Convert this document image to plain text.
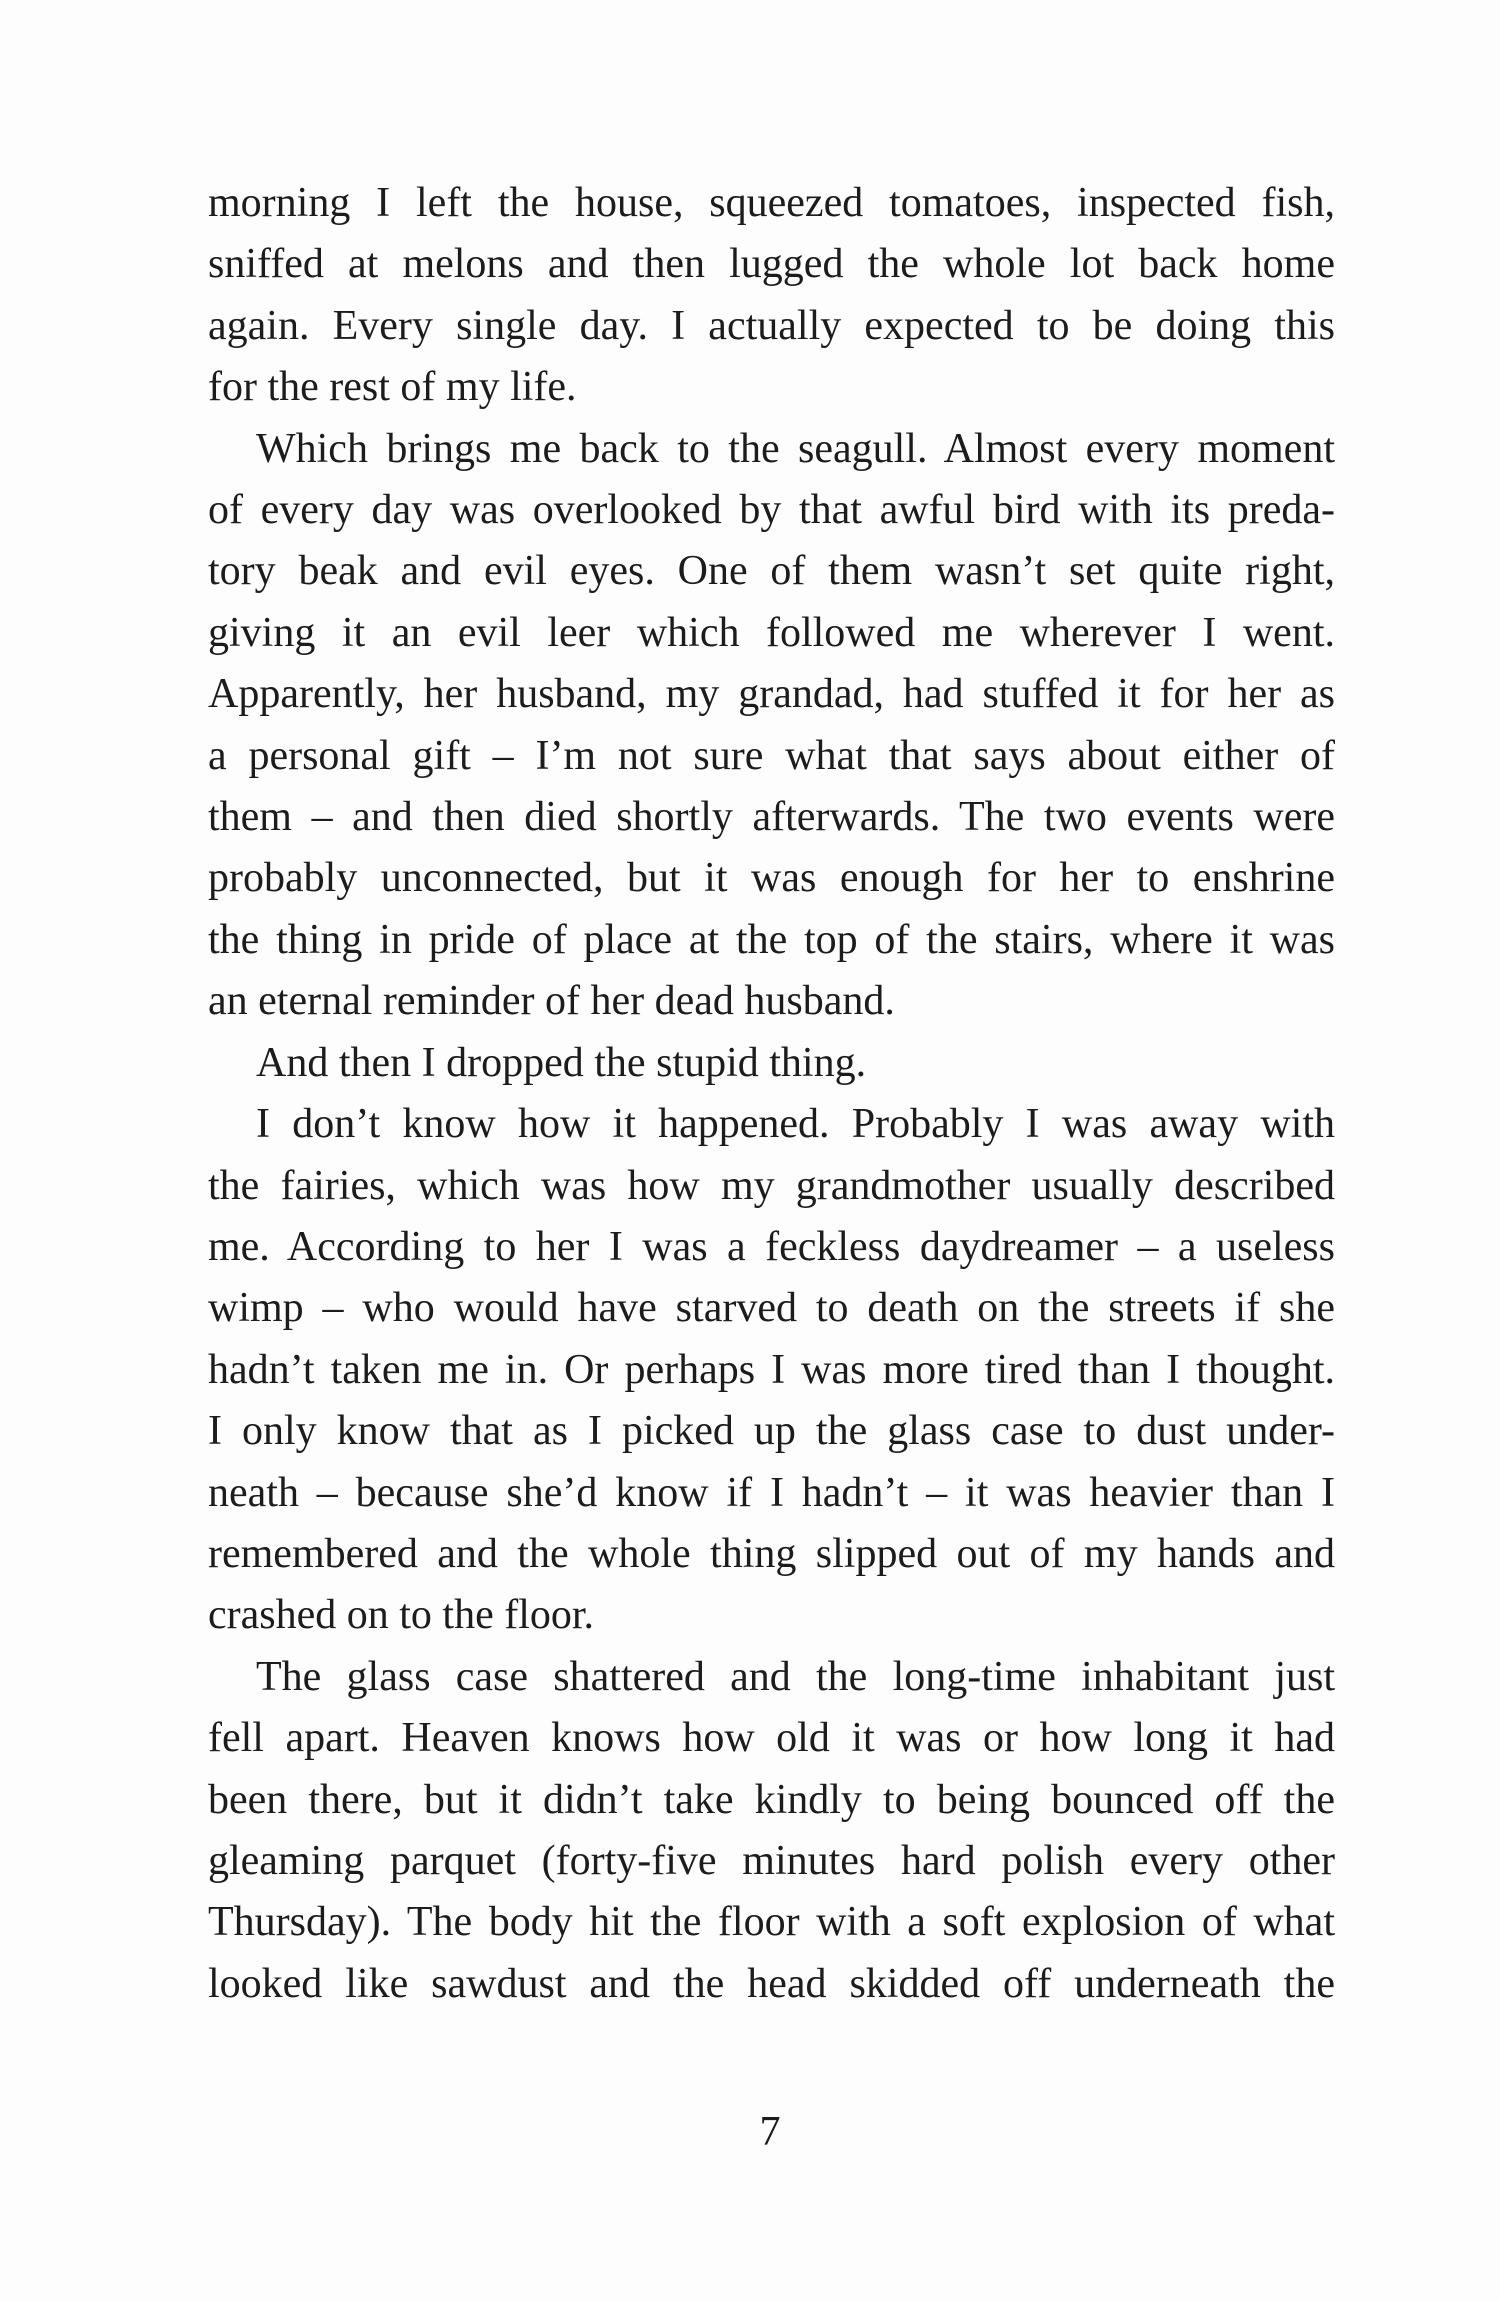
morning I left the house, squeezed tomatoes, inspected fish,
sniffed at melons and then lugged the whole lot back home
again. Every single day. I actually expected to be doing this
for the rest of my life.

Which brings me back to the seagull. Almost every moment
of every day was overlooked by that awful bird with its preda-
tory beak and evil eyes. One of them wasn’t set quite right,
giving it an evil leer which followed me wherever I went.
Apparently, her husband, my grandad, had stuffed it for her as
a personal gift – I’m not sure what that says about either of
them – and then died shortly afterwards. The two events were
probably unconnected, but it was enough for her to enshrine
the thing in pride of place at the top of the stairs, where it was
an eternal reminder of her dead husband.

And then I dropped the stupid thing.

I don’t know how it happened. Probably I was away with
the fairies, which was how my grandmother usually described
me. According to her I was a feckless daydreamer – a useless
wimp – who would have starved to death on the streets if she
hadn’t taken me in. Or perhaps I was more tired than I thought.
I only know that as I picked up the glass case to dust under-
neath – because she’d know if I hadn’t – it was heavier than I
remembered and the whole thing slipped out of my hands and
crashed on to the floor.

The glass case shattered and the long-time inhabitant just
fell apart. Heaven knows how old it was or how long it had
been there, but it didn’t take kindly to being bounced off the
gleaming parquet (forty-five minutes hard polish every other
Thursday). The body hit the floor with a soft explosion of what
looked like sawdust and the head skidded off underneath the

7
